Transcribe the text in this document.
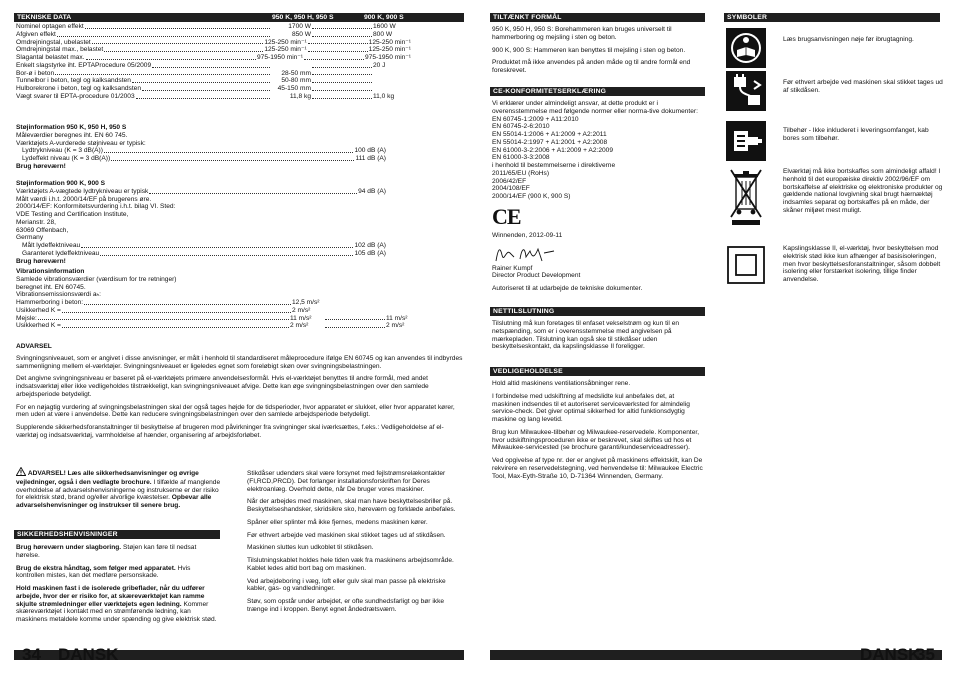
TEKNISKE DATA	950 K, 950 H, 950 S	900 K, 900 S
Nominel optagen effekt	1700 W	1600 W
Afgiven effekt	850 W	800 W
Omdrejningstal, ubelastet	125-250 min⁻¹	125-250 min⁻¹
Omdrejningstal max., belastet	125-250 min⁻¹	125-250 min⁻¹
Slagantal belastet max.	975-1950 min⁻¹	975-1950 min⁻¹
Enkelt slagstyrke iht. EPTAProcedure 05/2009	20 J
Bor-ø i beton	28-50 mm
Tunnelbor i beton, tegl og kalksandsten	50-80 mm
Hulborekrone i beton, tegl og kalksandsten	45-150 mm
Vægt svarer til EPTA-procedure 01/2003	11,8 kg	11,0 kg
Støjinformation 950 K, 950 H, 950 S
Måleværdier beregnes iht. EN 60 745.
Værktøjets A-vurderede støjniveau er typisk:
Lydtrykniveau (K = 3 dB(A))	100 dB (A)
Lydeffekt niveau (K = 3 dB(A))	111 dB (A)
Brug høreværn!
Støjinformation 900 K, 900 S
Værktøjets A-vægtede lydtrykniveau er typisk	94 dB (A)
Målt værdi i.h.t. 2000/14/EF på brugerens øre.
2000/14/EF: Konformitetsvurdering i.h.t. bilag VI. Sted:
VDE Testing and Certification Institute,
Merianstr. 28,
63069 Offenbach,
Germany
Målt lydeffektniveau	102 dB (A)
Garanteret lydeffektniveau	105 dB (A)
Brug høreværn!
Vibrationsinformation
Samlede vibrationsværdier (værdisum for tre retninger)
beregnet iht. EN 60745.
Vibrationsemissionsværdi aₕ:
Hammerboring i beton:	12,5 m/s²
Usikkerhed K =	2 m/s²
Mejsle:	11 m/s²	11 m/s²
Usikkerhed K =	2 m/s²	2 m/s²
ADVARSEL

Svingningsniveauet, som er angivet i disse anvisninger, er målt i henhold til standardiseret måleprocedure ifølge EN 60745 og kan anvendes til indbyrdes sammenligning mellem el-værktøjer. Svingningsniveauet er ligeledes egnet som foreløbigt skøn over svingningsbelastningen.

Det angivne svingningsniveau er baseret på el-værktøjets primære anvendelsesformål. Hvis el-værktøjet benyttes til andre formål, med andet indsatsværktøj eller ikke vedligeholdes tilstrækkeligt, kan svingningsniveauet afvige. Dette kan øge svingningsbelastningen over den samlede arbejdsperiode betydeligt.

For en nøjagtig vurdering af svingningsbelastningen skal der også tages højde for de tidsperioder, hvor apparatet er slukket, eller hvor apparatet kører, men uden at være i anvendelse. Dette kan reducere svingningsbelastningen over den samlede arbejdsperiode betydeligt.

Supplerende sikkerhedsforanstaltninger til beskyttelse af brugeren mod påvirkninger fra svingninger skal iværksættes, f.eks.: Vedligeholdelse af el-værktøj og indsatsværktøj, varmholdelse af hænder, organisering af arbejdsforløbet.

ADVARSEL! Læs alle sikkerhedsanvisninger og øvrige vejledninger, også i den vedlagte brochure. I tilfælde af manglende overholdelse af advarselshenvisningerne og instrukserne er der risiko for elektrisk stød, brand og/eller alvorlige kvæstelser. Opbevar alle advarselshenvisninger og instrukser til senere brug.
SIKKERHEDSHENVISNINGER

Brug høreværn under slagboring. Støjen kan føre til nedsat hørelse.

Brug de ekstra håndtag, som følger med apparatet. Hvis kontrollen mistes, kan det medføre personskade.

Hold maskinen fast i de isolerede gribeflader, når du udfører arbejde, hvor der er risiko for, at skæreværktøjet kan ramme skjulte strømledninger eller værktøjets egen ledning. Kommer skæreværktøjet i kontakt med en strømførende ledning, kan maskinens metaldele komme under spænding og give elektrisk stød.

Stikdåser udendørs skal være forsynet med fejlstrømsrelækontakter (FI,RCD,PRCD). Det forlanger installationsforskriften for Deres elektroanlæg. Overhold dette, når De bruger vores maskiner.

Når der arbejdes med maskinen, skal man have beskyttelsesbriller på. Beskyttelseshandsker, skridsikre sko, høreværn og forklæde anbefales.

Spåner eller splinter må ikke fjernes, medens maskinen kører.

Før ethvert arbejde ved maskinen skal stikket tages ud af stikdåsen.

Maskinen sluttes kun udkoblet til stikdåsen.

Tilslutningskablet holdes hele tiden væk fra maskinens arbejdsområde. Kablet ledes altid bort bag om maskinen.

Ved arbejdeboring i væg, loft eller gulv skal man passe på elektriske kabler, gas- og vandledninger.

Støv, som opstår under arbejdet, er ofte sundhedsfarligt og bør ikke trænge ind i kroppen. Benyt egnet åndedrætsværn.

34 DANSK
TILTÆNKT FORMÅL

950 K, 950 H, 950 S: Borehammeren kan bruges universelt til hammerboring og mejsling i sten og beton.

900 K, 900 S: Hammeren kan benyttes til mejsling i sten og beton.

Produktet må ikke anvendes på anden måde og til andre formål end foreskrevet.

CE-KONFORMITETSERKLÆRING
Vi erklærer under almindeligt ansvar, at dette produkt er i overensstemmelse med følgende normer eller norma-tive dokumenter:
EN 60745-1:2009 + A11:2010
EN 60745-2-6:2010
EN 55014-1:2006 + A1:2009 + A2:2011
EN 55014-2:1997 + A1:2001 + A2:2008
EN 61000-3-2:2006 + A1:2009 + A2:2009
EN 61000-3-3:2008
i henhold til bestemmelserne i direktiverne
2011/65/EU (RoHs)
2006/42/EF
2004/108/EF
2000/14/EF (900 K, 900 S)
CE
Winnenden, 2012-09-11
Rainer Kumpf
Director Product Development
Autoriseret til at udarbejde de tekniske dokumenter.
NETTILSLUTNING

Tilslutning må kun foretages til enfaset vekselstrøm og kun til en netspænding, som er i overensstemmelse med angivelsen på mærkepladen. Tilslutning kan også ske til stikdåser uden beskyttelseskontakt, da kapslingsklasse II foreligger.

VEDLIGEHOLDELSE

Hold altid maskinens ventilationsåbninger rene.

I forbindelse med udskiftning af medslidte kul anbefales det, at maskinen indsendes til et autoriseret serviceværksted for almindelig service-check. Det giver optimal sikkerhed for altid funktionsdygtig maskine og lang levetid.

Brug kun Milwaukee-tilbehør og Milwaukee-reservedele. Komponenter, hvor udskiftningsproceduren ikke er beskrevet, skal skiftes ud hos et Milwaukee-servicested (se brochure garanti/kundeserviceadresser).

Ved opgivelse af type nr. der er angivet på maskinens effektskilt, kan De rekvirere en reservedelstegning, ved henvendelse til: Milwaukee Electric Tool, Max-Eyth-Straße 10, D-71364 Winnenden, Germany.

SYMBOLER
Læs brugsanvisningen nøje før ibrugtagning.
Før ethvert arbejde ved maskinen skal stikket tages ud af stikdåsen.
Tilbehør - Ikke inkluderet i leveringsomfanget, kab bores som tilbehør.
Elværktøj må ikke bortskaffes som almindeligt affald! I henhold til det europæiske direktiv 2002/96/EF om bortskaffelse af elektriske og elektroniske produkter og gældende national lovgivning skal brugt hærnæktøj indsamles separat og bortskaffes på en måde, der skåner miljøet mest muligt.
Kapslingsklasse II, el-værktøj, hvor beskyttelsen mod elektrisk stød ikke kun afhænger af basisisoleringen, men hvor beskyttelsesforanstaltninger, såsom dobbelt isolering eller forstærket isolering, tillige finder anvendelse.
DANSK
35
